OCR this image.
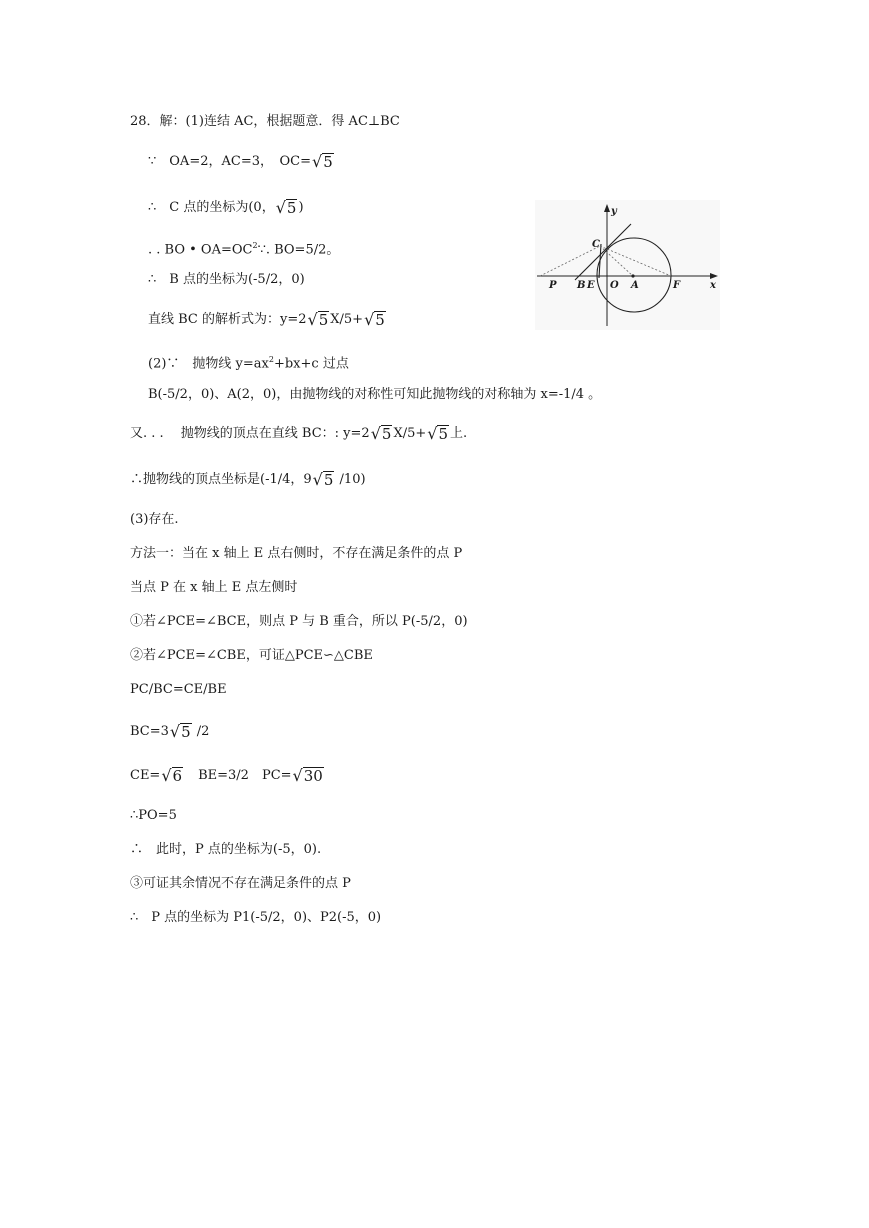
28．解：(1)连结 AC，根据题意．得 AC⊥BC
∵　OA=2，AC=3，　OC=√5
∴　C 点的坐标为(0，√5 )
. . BO • $OA=OC^2\because$. BO=5/2。
∴　B 点的坐标为(-5/2，0)
直线 BC 的解析式为：y=2√5 X/5+√5
(2)∵　抛物线 $y=ax^2+bx+c$ 过点
B(-5/2，0)、A(2，0)，由抛物线的对称性可知此抛物线的对称轴为 x=-1/4 。
又. . .　 抛物线的顶点在直线 BC：: y=2√5 X/5+√5 上.
∴抛物线的顶点坐标是(-1/4，9√5 /10)
(3)存在.
方法一：当在 x 轴上 E 点右侧时，不存在满足条件的点 P
当点 P 在 x 轴上 E 点左侧时
①若∠PCE=∠BCE，则点 P 与 B 重合，所以 P(-5/2，0)
②若∠PCE=∠CBE，可证△PCE∽△CBE
PC/BC=CE/BE
BC=3√5 /2
CE=√6 BE=3/2　PC=√30
∴PO=5
∴　此时，P 点的坐标为(-5，0).
③可证其余情况不存在满足条件的点 P
∴　P 点的坐标为 P1(-5/2，0)、P2(-5，0)
y
x
C
P B E O A	F
